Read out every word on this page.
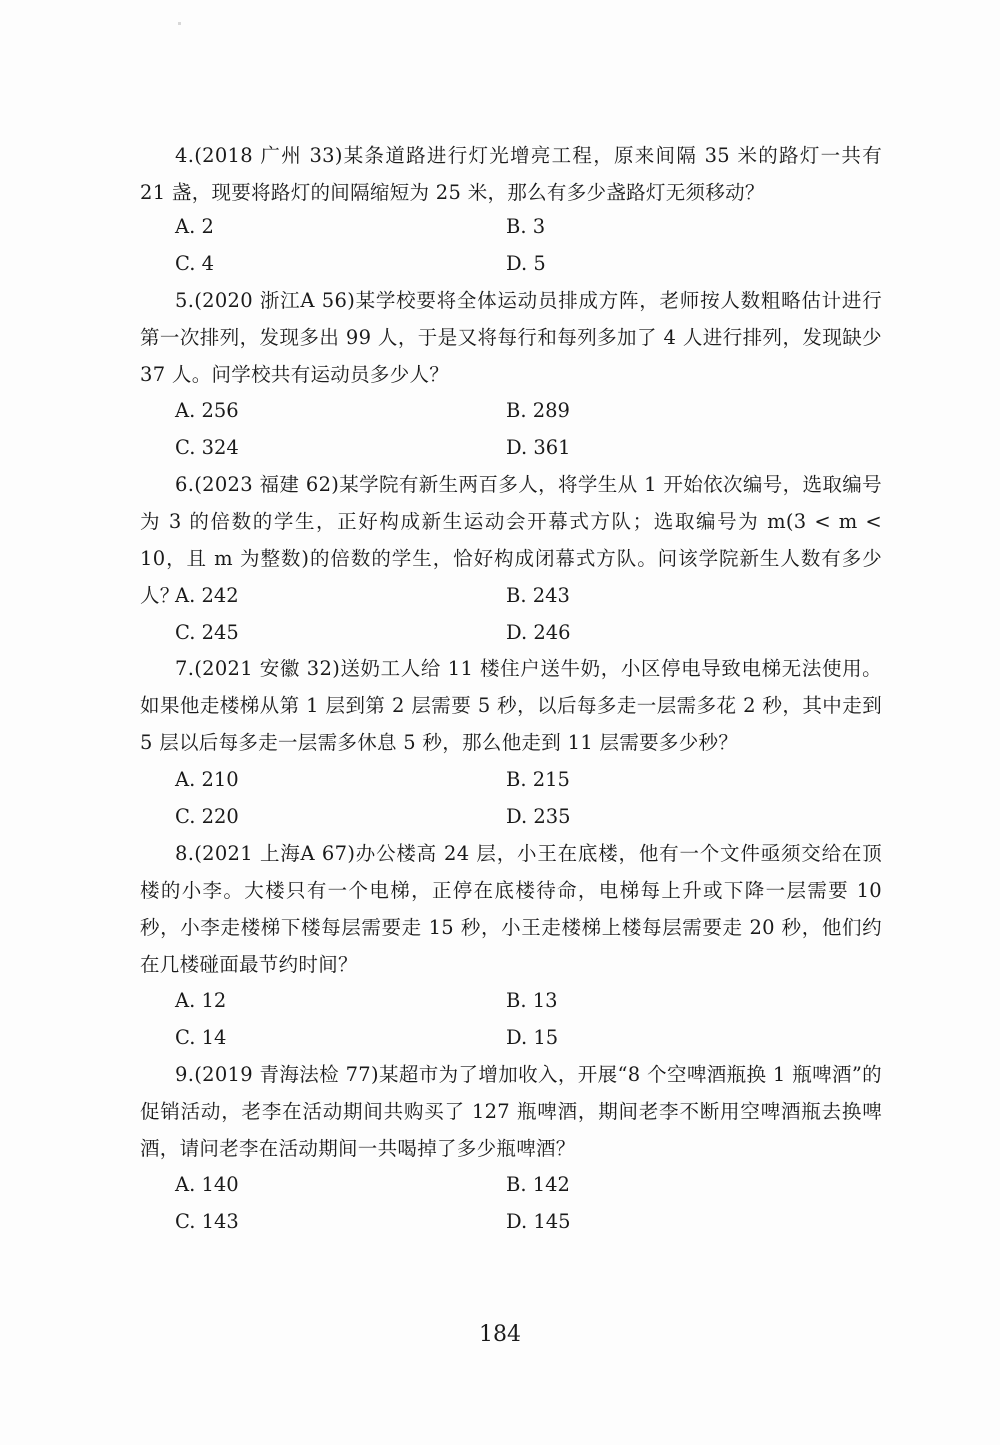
4.(2018 广州 33)某条道路进行灯光增亮工程，原来间隔 35 米的路灯一共有 21 盏，现要将路灯的间隔缩短为 25 米，那么有多少盏路灯无须移动？

A. 2	B. 3
C. 4	D. 5

5.(2020 浙江A 56)某学校要将全体运动员排成方阵，老师按人数粗略估计进行第一次排列，发现多出 99 人，于是又将每行和每列多加了 4 人进行排列，发现缺少 37 人。问学校共有运动员多少人？

A. 256	B. 289
C. 324	D. 361

6.(2023 福建 62)某学院有新生两百多人，将学生从 1 开始依次编号，选取编号为 3 的倍数的学生，正好构成新生运动会开幕式方队；选取编号为 m(3 < m < 10，且 m 为整数)的倍数的学生，恰好构成闭幕式方队。问该学院新生人数有多少人？

A. 242	B. 243
C. 245	D. 246

7.(2021 安徽 32)送奶工人给 11 楼住户送牛奶，小区停电导致电梯无法使用。如果他走楼梯从第 1 层到第 2 层需要 5 秒，以后每多走一层需多花 2 秒，其中走到 5 层以后每多走一层需多休息 5 秒，那么他走到 11 层需要多少秒？

A. 210	B. 215
C. 220	D. 235

8.(2021 上海A 67)办公楼高 24 层，小王在底楼，他有一个文件亟须交给在顶楼的小李。大楼只有一个电梯，正停在底楼待命，电梯每上升或下降一层需要 10 秒，小李走楼梯下楼每层需要走 15 秒，小王走楼梯上楼每层需要走 20 秒，他们约在几楼碰面最节约时间？

A. 12	B. 13
C. 14	D. 15

9.(2019 青海法检 77)某超市为了增加收入，开展“8 个空啤酒瓶换 1 瓶啤酒”的促销活动，老李在活动期间共购买了 127 瓶啤酒，期间老李不断用空啤酒瓶去换啤酒，请问老李在活动期间一共喝掉了多少瓶啤酒？

A. 140	B. 142
C. 143	D. 145
184
